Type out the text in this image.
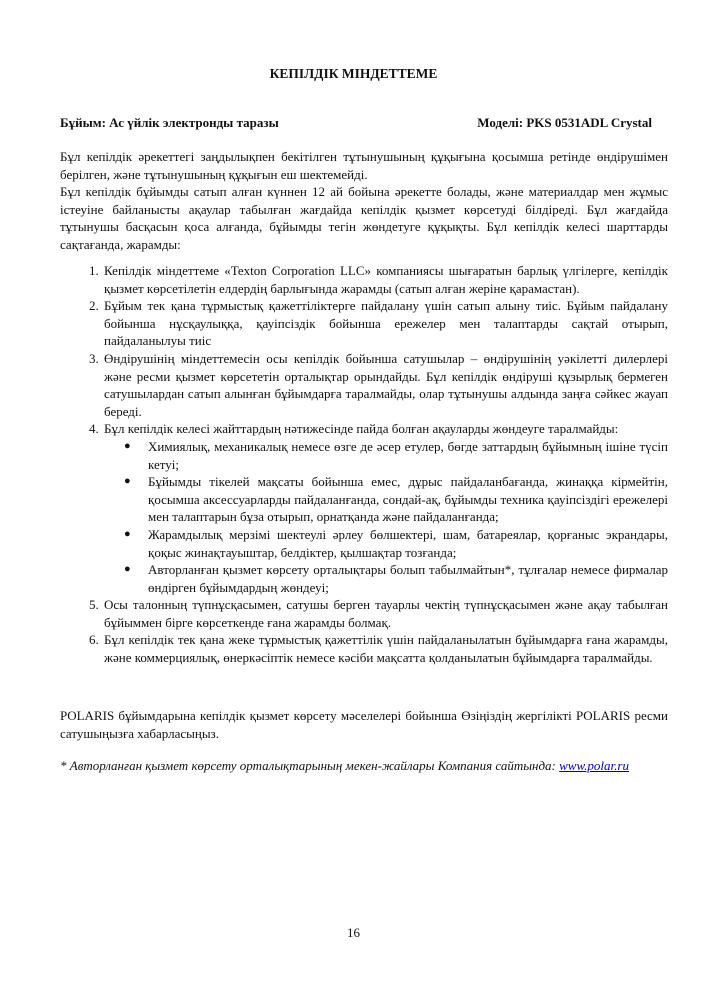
КЕПІЛДІК МІНДЕТТЕМЕ
Бұйым: Ас үйлік электронды таразы	Моделі: PKS 0531ADL Crystal

Бұл кепілдік әрекеттегі заңдылықпен бекітілген тұтынушының құқығына қосымша ретінде өндірушімен берілген, және тұтынушының құқығын еш шектемейді.

Бұл кепілдік бұйымды сатып алған күннен 12 ай бойына әрекетте болады, және материалдар мен жұмыс істеуіне байланысты ақаулар табылған жағдайда кепілдік қызмет көрсетуді білдіреді. Бұл жағдайда тұтынушы басқасын қоса алғанда, бұйымды тегін жөндетуге құқықты. Бұл кепілдік келесі шарттарды сақтағанда, жарамды:

1. Кепілдік міндеттеме «Texton Corporation LLC» компаниясы шығаратын барлық үлгілерге, кепілдік қызмет көрсетілетін елдердің барлығында жарамды (сатып алған жеріне қарамастан).
2. Бұйым тек қана тұрмыстық қажеттіліктерге пайдалану үшін сатып алыну тиіс. Бұйым пайдалану бойынша нұсқаулыққа, қауіпсіздік бойынша ережелер мен талаптарды сақтай отырып, пайдаланылуы тиіс
3. Өндірушінің міндеттемесін осы кепілдік бойынша сатушылар – өндірушінің уәкілетті дилерлері және ресми қызмет көрсететін орталықтар орындайды. Бұл кепілдік өндіруші құзырлық бермеген сатушылардан сатып алынған бұйымдарға таралмайды, олар тұтынушы алдында заңға сәйкес жауап береді.
4. Бұл кепілдік келесі жайттардың нәтижесінде пайда болған ақауларды жөндеуге таралмайды:
● Химиялық, механикалық немесе өзге де әсер етулер, бөгде заттардың бұйымның ішіне түсіп кетуі;
● Бұйымды тікелей мақсаты бойынша емес, дұрыс пайдаланбағанда, жинаққа кірмейтін, қосымша аксессуарларды пайдаланғанда, сондай-ақ, бұйымды техника қауіпсіздігі ережелері мен талаптарын бұза отырып, орнатқанда және пайдаланғанда;
● Жарамдылық мерзімі шектеулі әрлеу бөлшектері, шам, батареялар, қорғаныс экрандары, қоқыс жинақтауыштар, белдіктер, қылшақтар тозғанда;
● Авторланған қызмет көрсету орталықтары болып табылмайтын*, тұлғалар немесе фирмалар өндірген бұйымдардың жөндеуі;
5. Осы талонның түпнұсқасымен, сатушы берген тауарлы чектің түпнұсқасымен және ақау табылған бұйыммен бірге көрсеткенде ғана жарамды болмақ.
6. Бұл кепілдік тек қана жеке тұрмыстық қажеттілік үшін пайдаланылатын бұйымдарға ғана жарамды, және коммерциялық, өнеркәсіптік немесе кәсіби мақсатта қолданылатын бұйымдарға таралмайды.
POLARIS бұйымдарына кепілдік қызмет көрсету мәселелері бойынша Өзіңіздің жергілікті POLARIS ресми сатушыңызға хабарласыңыз.
* Авторланған қызмет көрсету орталықтарының мекен-жайлары Компания сайтында: www.polar.ru
16
